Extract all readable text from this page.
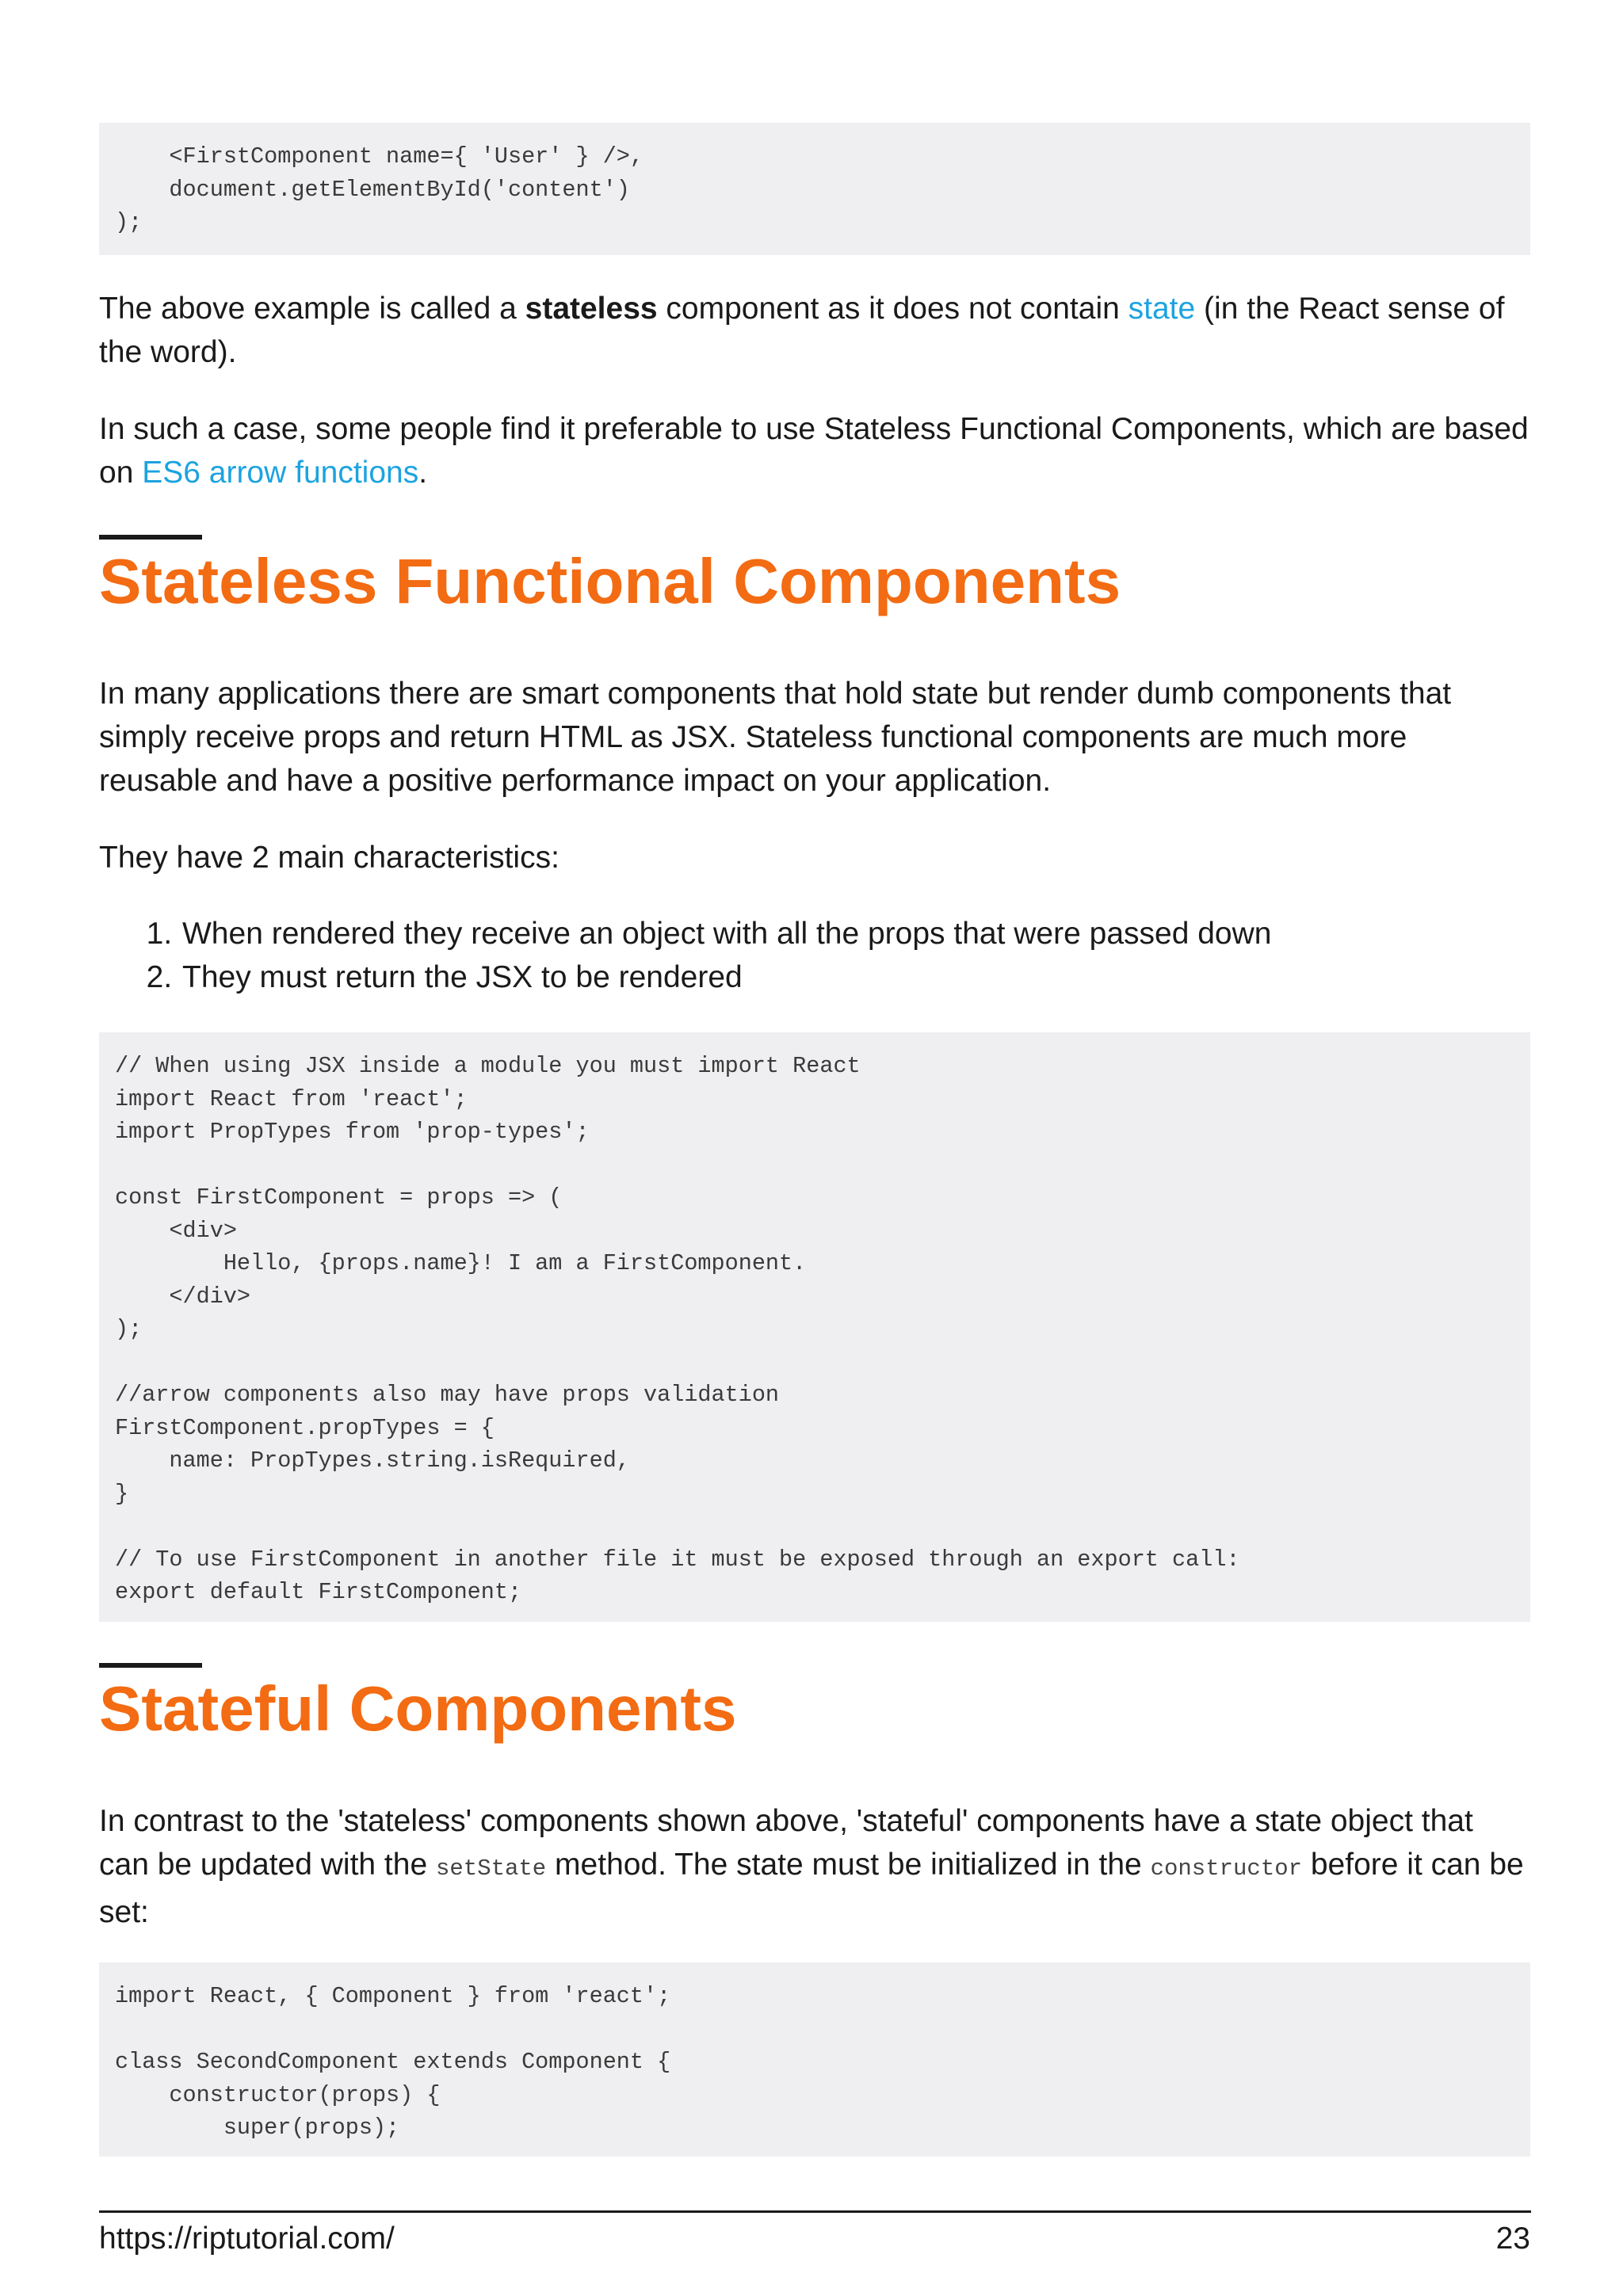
<FirstComponent name={ 'User' } />,
document.getElementById('content')
);

The above example is called a stateless component as it does not contain state (in the React sense of the word).

In such a case, some people find it preferable to use Stateless Functional Components, which are based on ES6 arrow functions.

Stateless Functional Components

In many applications there are smart components that hold state but render dumb components that simply receive props and return HTML as JSX. Stateless functional components are much more reusable and have a positive performance impact on your application.

They have 2 main characteristics:

1. When rendered they receive an object with all the props that were passed down
2. They must return the JSX to be rendered
// When using JSX inside a module you must import React
import React from 'react';
import PropTypes from 'prop-types';

const FirstComponent = props => (
<div>
Hello, {props.name}! I am a FirstComponent.
</div>
);

//arrow components also may have props validation
FirstComponent.propTypes = {
name: PropTypes.string.isRequired,
}

// To use FirstComponent in another file it must be exposed through an export call:
export default FirstComponent;
Stateful Components

In contrast to the 'stateless' components shown above, 'stateful' components have a state object that can be updated with the setState method. The state must be initialized in the constructor before it can be set:

import React, { Component } from 'react';

class SecondComponent extends Component {
constructor(props) {
super(props);
https://riptutorial.com/	23
